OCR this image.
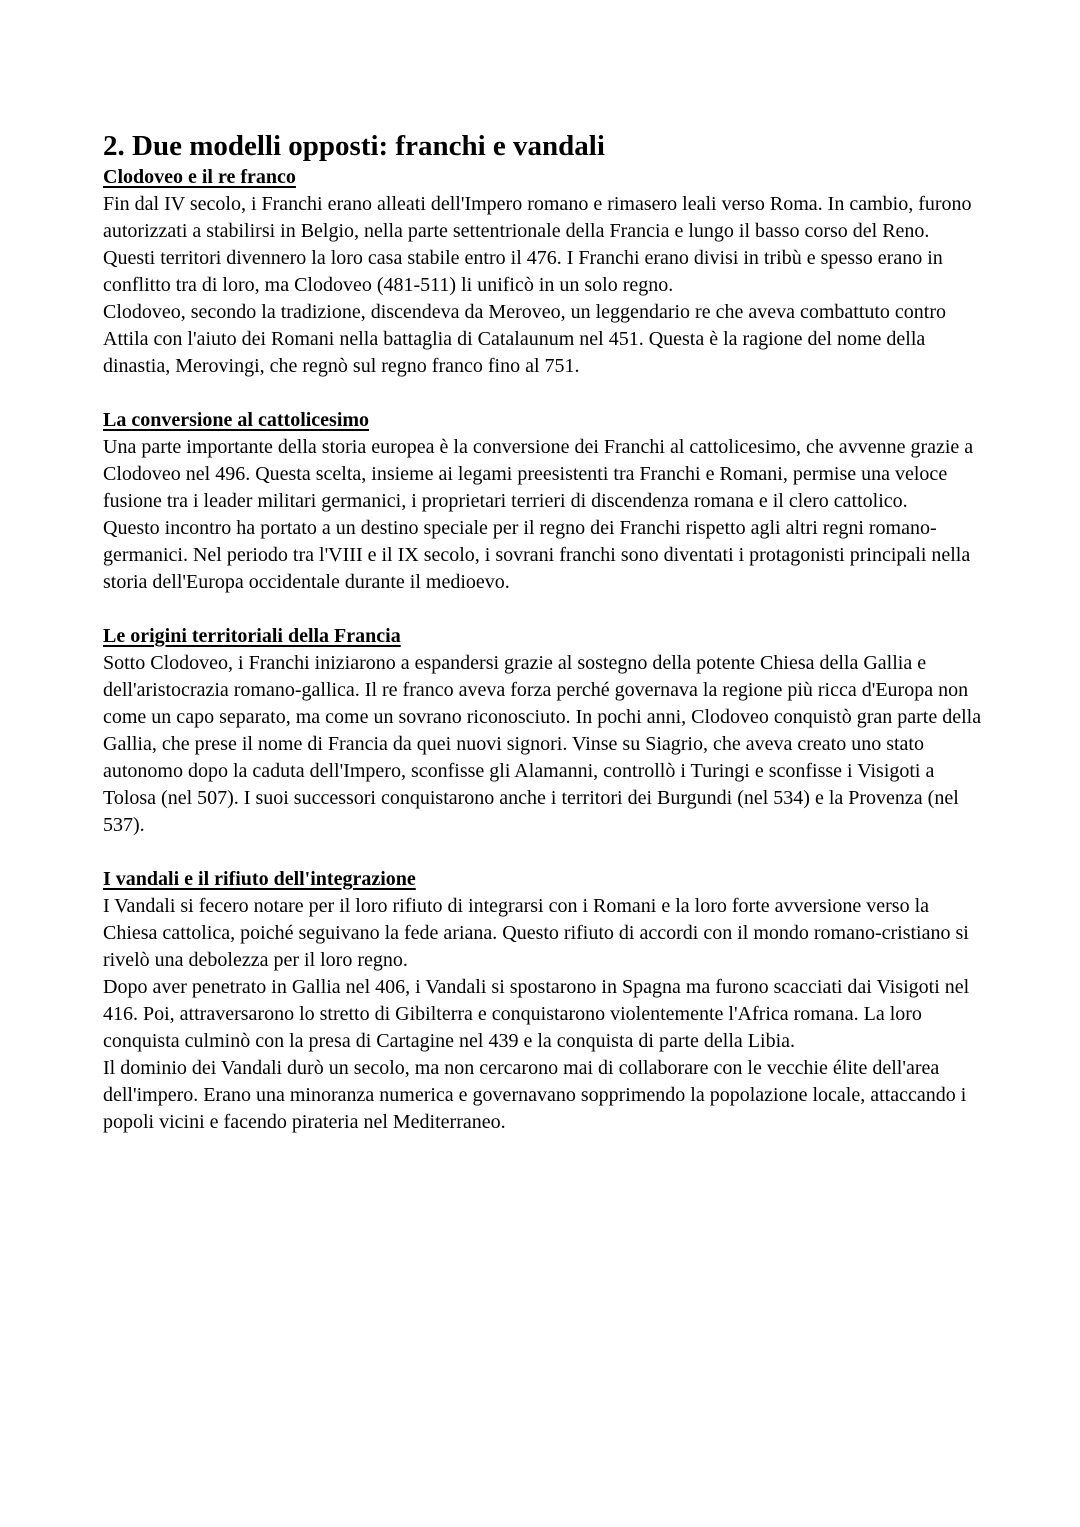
2. Due modelli opposti: franchi e vandali
Clodoveo e il re franco

Fin dal IV secolo, i Franchi erano alleati dell'Impero romano e rimasero leali verso Roma. In cambio, furono autorizzati a stabilirsi in Belgio, nella parte settentrionale della Francia e lungo il basso corso del Reno. Questi territori divennero la loro casa stabile entro il 476. I Franchi erano divisi in tribù e spesso erano in conflitto tra di loro, ma Clodoveo (481-511) li unificò in un solo regno.

Clodoveo, secondo la tradizione, discendeva da Meroveo, un leggendario re che aveva combattuto contro Attila con l'aiuto dei Romani nella battaglia di Catalaunum nel 451. Questa è la ragione del nome della dinastia, Merovingi, che regnò sul regno franco fino al 751.

La conversione al cattolicesimo

Una parte importante della storia europea è la conversione dei Franchi al cattolicesimo, che avvenne grazie a Clodoveo nel 496. Questa scelta, insieme ai legami preesistenti tra Franchi e Romani, permise una veloce fusione tra i leader militari germanici, i proprietari terrieri di discendenza romana e il clero cattolico.

Questo incontro ha portato a un destino speciale per il regno dei Franchi rispetto agli altri regni romano-germanici. Nel periodo tra l'VIII e il IX secolo, i sovrani franchi sono diventati i protagonisti principali nella storia dell'Europa occidentale durante il medioevo.

Le origini territoriali della Francia

Sotto Clodoveo, i Franchi iniziarono a espandersi grazie al sostegno della potente Chiesa della Gallia e dell'aristocrazia romano-gallica. Il re franco aveva forza perché governava la regione più ricca d'Europa non come un capo separato, ma come un sovrano riconosciuto. In pochi anni, Clodoveo conquistò gran parte della Gallia, che prese il nome di Francia da quei nuovi signori. Vinse su Siagrio, che aveva creato uno stato autonomo dopo la caduta dell'Impero, sconfisse gli Alamanni, controllò i Turingi e sconfisse i Visigoti a Tolosa (nel 507). I suoi successori conquistarono anche i territori dei Burgundi (nel 534) e la Provenza (nel 537).

I vandali e il rifiuto dell'integrazione

I Vandali si fecero notare per il loro rifiuto di integrarsi con i Romani e la loro forte avversione verso la Chiesa cattolica, poiché seguivano la fede ariana. Questo rifiuto di accordi con il mondo romano-cristiano si rivelò una debolezza per il loro regno.

Dopo aver penetrato in Gallia nel 406, i Vandali si spostarono in Spagna ma furono scacciati dai Visigoti nel 416. Poi, attraversarono lo stretto di Gibilterra e conquistarono violentemente l'Africa romana. La loro conquista culminò con la presa di Cartagine nel 439 e la conquista di parte della Libia.

Il dominio dei Vandali durò un secolo, ma non cercarono mai di collaborare con le vecchie élite dell'area dell'impero. Erano una minoranza numerica e governavano sopprimendo la popolazione locale, attaccando i popoli vicini e facendo pirateria nel Mediterraneo.
